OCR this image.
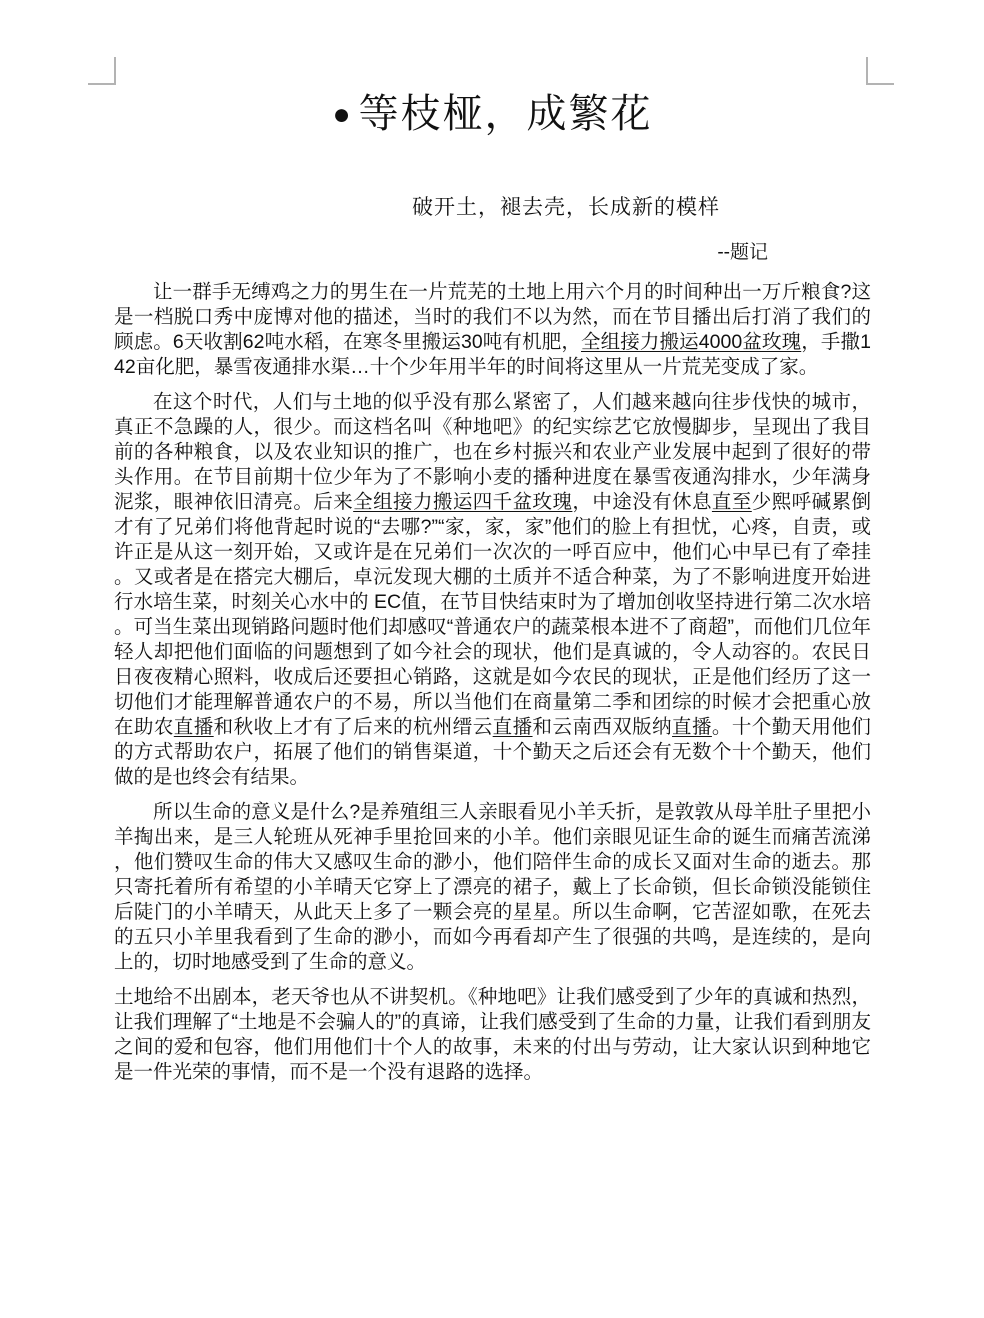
● 等枝桠，成繁花
破开土，褪去壳，长成新的模样
--题记

让一群手无缚鸡之力的男生在一片荒芜的土地上用六个月的时间种出一万斤粮食?这是一档脱口秀中庞博对他的描述，当时的我们不以为然，而在节目播出后打消了我们的顾虑。6天收割62吨水稻，在寒冬里搬运30吨有机肥，全组接力搬运4000盆玫瑰，手撒142亩化肥，暴雪夜通排水渠…十个少年用半年的时间将这里从一片荒芜变成了家。

在这个时代，人们与土地的似乎没有那么紧密了，人们越来越向往步伐快的城市，真正不急躁的人，很少。而这档名叫《种地吧》的纪实综艺它放慢脚步，呈现出了我目前的各种粮食，以及农业知识的推广，也在乡村振兴和农业产业发展中起到了很好的带头作用。在节目前期十位少年为了不影响小麦的播种进度在暴雪夜通沟排水，少年满身泥浆，眼神依旧清亮。后来全组接力搬运四千盆玫瑰，中途没有休息直至少熙呼碱累倒才有了兄弟们将他背起时说的“去哪?”“家，家，家”他们的脸上有担忧，心疼，自责，或许正是从这一刻开始，又或许是在兄弟们一次次的一呼百应中，他们心中早已有了牵挂。又或者是在搭完大棚后，卓沅发现大棚的土质并不适合种菜，为了不影响进度开始进行水培生菜，时刻关心水中的 EC值，在节目快结束时为了增加创收坚持进行第二次水培。可当生菜出现销路问题时他们却感叹“普通农户的蔬菜根本进不了商超”，而他们几位年轻人却把他们面临的问题想到了如今社会的现状，他们是真诚的，令人动容的。农民日日夜夜精心照料，收成后还要担心销路，这就是如今农民的现状，正是他们经历了这一切他们才能理解普通农户的不易，所以当他们在商量第二季和团综的时候才会把重心放在助农直播和秋收上才有了后来的杭州缙云直播和云南西双版纳直播。十个勤天用他们的方式帮助农户，拓展了他们的销售渠道，十个勤天之后还会有无数个十个勤天，他们做的是也终会有结果。

所以生命的意义是什么?是养殖组三人亲眼看见小羊夭折，是敦敦从母羊肚子里把小羊掏出来，是三人轮班从死神手里抢回来的小羊。他们亲眼见证生命的诞生而痛苦流涕，他们赞叹生命的伟大又感叹生命的渺小，他们陪伴生命的成长又面对生命的逝去。那只寄托着所有希望的小羊晴天它穿上了漂亮的裙子，戴上了长命锁，但长命锁没能锁住后陡门的小羊晴天，从此天上多了一颗会亮的星星。所以生命啊，它苦涩如歌，在死去的五只小羊里我看到了生命的渺小，而如今再看却产生了很强的共鸣，是连续的，是向上的，切时地感受到了生命的意义。

土地给不出剧本，老天爷也从不讲契机。《种地吧》让我们感受到了少年的真诚和热烈，让我们理解了“土地是不会骗人的”的真谛，让我们感受到了生命的力量，让我们看到朋友之间的爱和包容，他们用他们十个人的故事，未来的付出与劳动，让大家认识到种地它是一件光荣的事情，而不是一个没有退路的选择。
